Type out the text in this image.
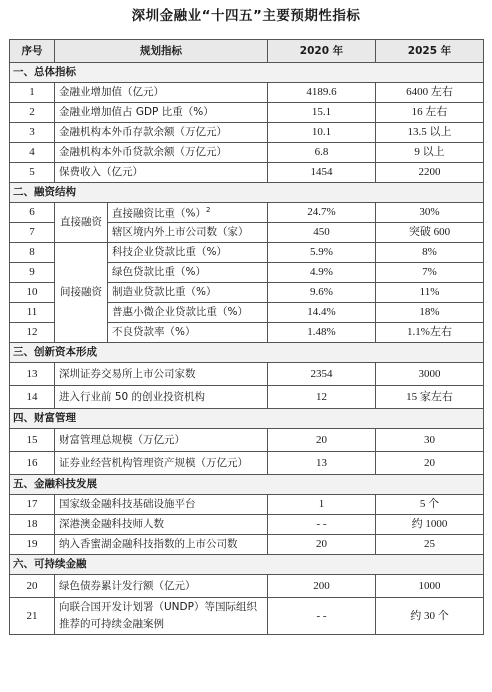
深圳金融业“十四五”主要预期性指标
序号	规划指标		2020 年	2025 年
一、总体指标				
1	金融业增加值（亿元）		4189.6	6400 左右
2	金融业增加值占 GDP 比重（%）		15.1	16 左右
3	金融机构本外币存款余额（万亿元）		10.1	13.5 以上
4	金融机构本外币贷款余额（万亿元）		6.8	9 以上
5	保费收入（亿元）		1454	2200
二、融资结构				
6	直接融资	直接融资比重（%）$^2$	24.7%	30%
7		辖区境内外上市公司数（家）	450	突破 600
8	间接融资	科技企业贷款比重（%）	5.9%	8%
9		绿色贷款比重（%）	4.9%	7%
10		制造业贷款比重（%）	9.6%	11%
11		普惠小微企业贷款比重（%）	14.4%	18%
12		不良贷款率（%）	1.48%	1.1%左右
三、创新资本形成				
13	深圳证券交易所上市公司家数		2354	3000
14	进入行业前 50 的创业投资机构		12	15 家左右
四、财富管理				
15	财富管理总规模（万亿元）		20	30
16	证券业经营机构管理资产规模（万亿元）		13	20
五、金融科技发展				
17	国家级金融科技基础设施平台		1	5 个
18	深港澳金融科技师人数		- -	约 1000
19	纳入香蜜湖金融科技指数的上市公司数		20	25
六、可持续金融				
20	绿色债券累计发行额（亿元）		200	1000
21	向联合国开发计划署（UNDP）等国际组织推荐的可持续金融案例		- -	约 30 个
